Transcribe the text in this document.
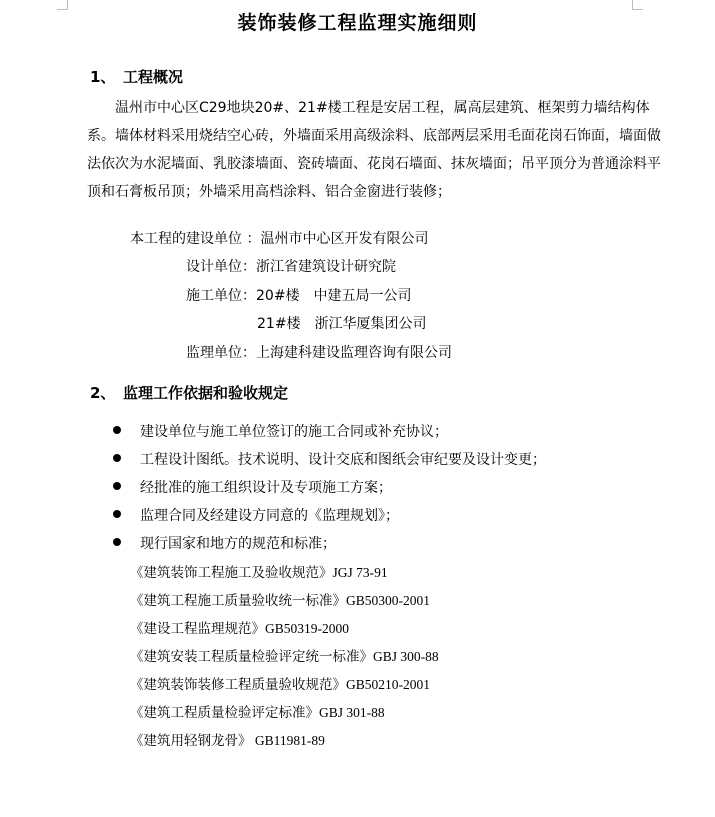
装饰装修工程监理实施细则
1、 工程概况
温州市中心区C29地块20#、21#楼工程是安居工程，属高层建筑、框架剪力墙结构体系。墙体材料采用烧结空心砖，外墙面采用高级涂料、底部两层采用毛面花岗石饰面，墙面做法依次为水泥墙面、乳胶漆墙面、瓷砖墙面、花岗石墙面、抹灰墙面；吊平顶分为普通涂料平顶和石膏板吊顶；外墙采用高档涂料、铝合金窗进行装修；
本工程的建设单位 ：温州市中心区开发有限公司
设计单位：浙江省建筑设计研究院
施工单位：20#楼　中建五局一公司
21#楼　浙江华厦集团公司
监理单位：上海建科建设监理咨询有限公司
2、 监理工作依据和验收规定
建设单位与施工单位签订的施工合同或补充协议；
工程设计图纸。技术说明、设计交底和图纸会审纪要及设计变更；
经批准的施工组织设计及专项施工方案；
监理合同及经建设方同意的《监理规划》；
现行国家和地方的规范和标准；
《建筑装饰工程施工及验收规范》JGJ 73-91
《建筑工程施工质量验收统一标准》GB50300-2001
《建设工程监理规范》GB50319-2000
《建筑安装工程质量检验评定统一标准》GBJ 300-88
《建筑装饰装修工程质量验收规范》GB50210-2001
《建筑工程质量检验评定标准》GBJ 301-88
《建筑用轻钢龙骨》 GB11981-89
